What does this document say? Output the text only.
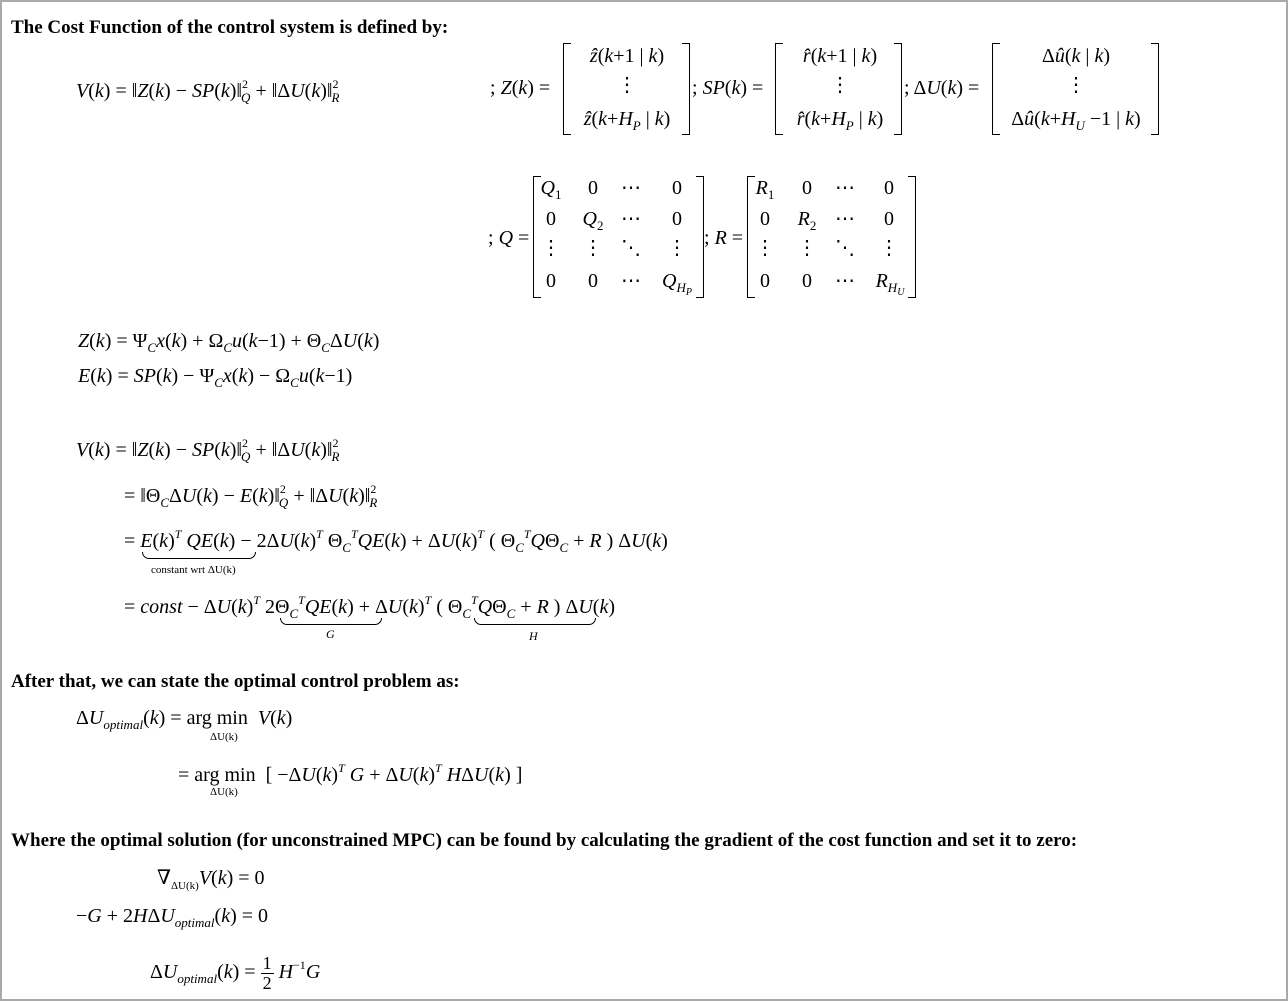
The Cost Function of the control system is defined by:
V(k) = ‖Z(k) − SP(k)‖$^2_Q$ + ‖ΔU(k)‖$^2_R$	; Z(k) =
ẑ(k+1 | k)
⋮
$ẑ(k+H_P$ | k)
; SP(k) =
r̂(k+1 | k)
⋮
$r̂(k+H_P$ | k)
; ΔU(k) =
Δû(k | k)
⋮
$\Delta û(k+H_U -1$ | k)
; Q =
$Q_1$	0	⋯	0
0	$Q_2$ ⋯	0
⋮ ⋮ ⋱ ⋮
0	0	⋯	$Q_{H_P}$
; R =
$R_1$	0	⋯	0
0	$R_2$ ⋯	0
⋮ ⋮ ⋱ ⋮
0	0	⋯	$R_{H_U}$
$Z(k) = \Psi_Cx(k) + \Omega_Cu(k-1) + \Theta_C\Delta U(k)$
$E(k) = SP(k) - \Psi_Cx(k) - \Omega_Cu(k-1)$
V(k) = ‖Z(k) − SP(k)‖$^2_Q$ + ‖ΔU(k)‖$^2_R$
= $‖\Theta_C\Delta U(k)$ − E(k)‖$^2_Q$ + ‖ΔU(k)‖$^2_R$
= $E(k)^T$ $QE(k) - 2\Delta U(k)^T$ $\Theta_C^TQE(k) + \Delta U(k)^T$ ( $\Theta_C^TQ\Theta_C + R$ ) ΔU(k)
constant wrt ΔU(k)
= const − $\Delta U(k)^T$ $2\Theta_C^TQE(k) + \Delta U(k)^T$ ( $\Theta_C^TQ\Theta_C + R$ ) ΔU(k)
G	H
After that, we can state the optimal control problem as:
$\Delta U_{optimal}(k)$ = arg min  V(k)
ΔU(k)
= arg min  [ $-\Delta U(k)^T$ $G + \Delta U(k)^T$ HΔU(k) ]
ΔU(k)
Where the optimal solution (for unconstrained MPC) can be found by calculating the gradient of the cost function and set it to zero:
$\nabla_{\Delta U(k)}V(k) = 0$
$-G + 2H\Delta U_{optimal}(k) = 0$
$\Delta U_{optimal}(k) = \frac{1}{2} H^{-1}G$
